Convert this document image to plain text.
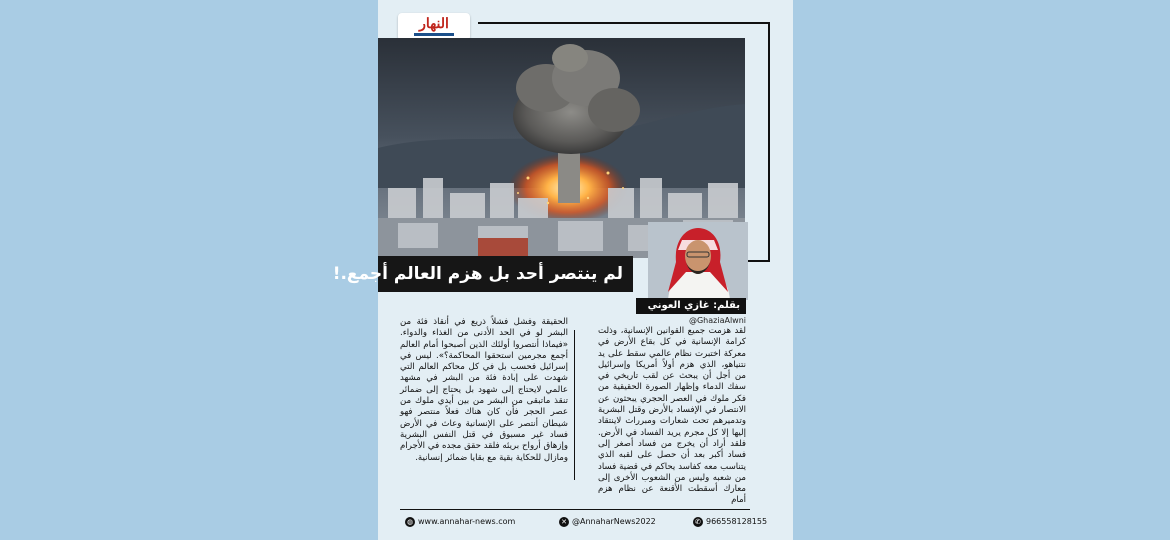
النهار
لم ينتصر أحد بل هزم العالم أجمع.!
بقلم: غازي العوني
@GhaziaAlwni
لقد هزمت جميع القوانين الإنسانية، وذلت كرامة الإنسانية في كل بقاع الأرض في معركة اختبرت نظام عالمي سقط على يد نتنياهو، الذي هزم أولاً أمريكا وإسرائيل من أجل أن يبحث عن لقب تاريخي في سفك الدماء وإظهار الصورة الحقيقية من فكر ملوك في العصر الحجري يبحثون عن الانتصار في الإفساد بالأرض وقتل البشرية وتدميرهم تحت شعارات ومبررات لاينتقاد إليها إلا كل مجرم يريد الفساد في الأرض. فلقد أراد أن يخرج من فساد أصغر إلى فساد أكبر بعد أن حصل على لقبه الذي يتناسب معه كفاسد يحاكم في قضية فساد من شعبه وليس من الشعوب الأخرى إلى معارك أسقطت الأقنعة عن نظام هزم أمام
الحقيقة وفشل فشلاً ذريع في أنقاذ فئة من البشر لو في الحد الأدنى من الغذاء والدواء. «فيماذا أنتصروا أولئك الذين أصبحوا أمام العالم أجمع مجرمين استحقوا المحاكمة؟». ليس في إسرائيل فحسب بل في كل محاكم العالم التي شهدت على إبادة فئة من البشر في مشهد عالمي لايحتاج إلى شهود بل يحتاج إلى ضمائر تنقذ ماتبقى من البشر من بين أيدي ملوك من عصر الحجر فأن كان هناك فعلاً منتصر فهو شيطان أنتصر على الإنسانية وعاث في الأرض فساد غير مسبوق في قتل النفس البشرية وإزهاق أرواح بريئه فلقد حقق مجده في الأجرام ومازال للحكاية بقية مع بقايا ضمائر إنسانية.
◍ www.annahar-news.com	✕ @AnnaharNews2022	✆ 966558128155
